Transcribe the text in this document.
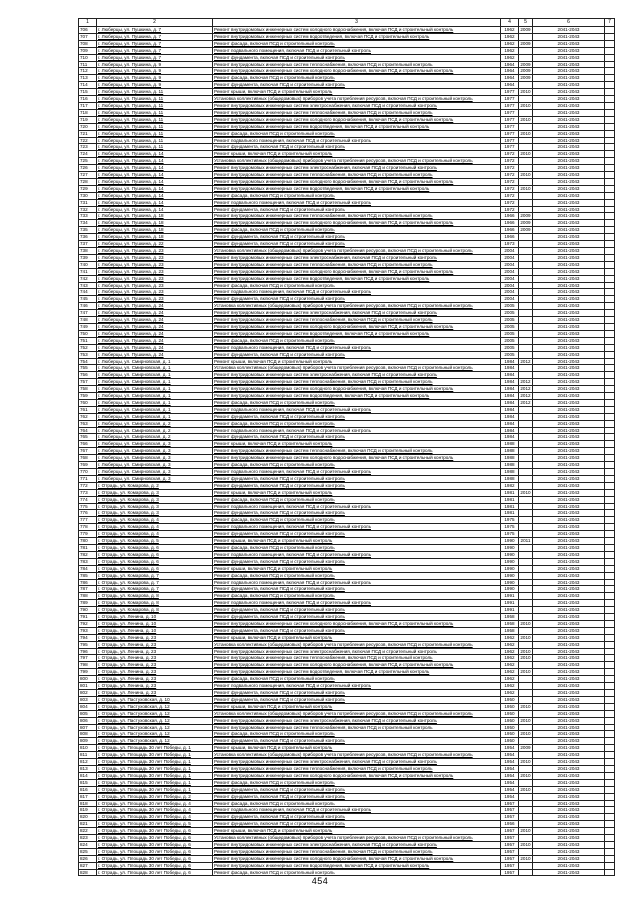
1	2	3	4	5	6	7
706	г. Люберцы, ул. Пушкина, д. 7	Ремонт внутридомовых инженерных систем холодного водоснабжения, включая ПСД и строительный контроль	1962	2009	2041-2043	
707	г. Люберцы, ул. Пушкина, д. 7	Ремонт внутридомовых инженерных систем водоотведения, включая ПСД и строительный контроль	1962		2041-2043	
708	г. Люберцы, ул. Пушкина, д. 7	Ремонт фасада, включая ПСД и строительный контроль	1962	2009	2041-2043	
709	г. Люберцы, ул. Пушкина, д. 7	Ремонт подвального помещения, включая ПСД и строительный контроль	1962		2041-2043	
710	г. Люберцы, ул. Пушкина, д. 7	Ремонт фундамента, включая ПСД и строительный контроль	1962		2041-2043	
711	г. Люберцы, ул. Пушкина, д. 9	Ремонт внутридомовых инженерных систем теплоснабжения, включая ПСД и строительный контроль	1964	2009	2041-2043	
712	г. Люберцы, ул. Пушкина, д. 9	Ремонт внутридомовых инженерных систем холодного водоснабжения, включая ПСД и строительный контроль	1964	2009	2041-2043	
713	г. Люберцы, ул. Пушкина, д. 9	Ремонт фасада, включая ПСД и строительный контроль	1964	2009	2041-2043	
714	г. Люберцы, ул. Пушкина, д. 9	Ремонт фундамента, включая ПСД и строительный контроль	1964		2041-2043	
715	г. Люберцы, ул. Пушкина, д. 11	Ремонт крыши, включая ПСД и строительный контроль	1977	2010	2041-2043	
716	г. Люберцы, ул. Пушкина, д. 11	Установка коллективных (общедомовых) приборов учета потребления ресурсов, включая ПСД и строительный контроль	1977		2041-2043	
717	г. Люберцы, ул. Пушкина, д. 11	Ремонт внутридомовых инженерных систем электроснабжения, включая ПСД и строительный контроль	1977	2010	2041-2043	
718	г. Люберцы, ул. Пушкина, д. 11	Ремонт внутридомовых инженерных систем теплоснабжения, включая ПСД и строительный контроль	1977		2041-2043	
719	г. Люберцы, ул. Пушкина, д. 11	Ремонт внутридомовых инженерных систем холодного водоснабжения, включая ПСД и строительный контроль	1977	2010	2041-2043	
720	г. Люберцы, ул. Пушкина, д. 11	Ремонт внутридомовых инженерных систем водоотведения, включая ПСД и строительный контроль	1977		2041-2043	
721	г. Люберцы, ул. Пушкина, д. 11	Ремонт фасада, включая ПСД и строительный контроль	1977	2010	2041-2043	
722	г. Люберцы, ул. Пушкина, д. 11	Ремонт подвального помещения, включая ПСД и строительный контроль	1977		2041-2043	
723	г. Люберцы, ул. Пушкина, д. 11	Ремонт фундамента, включая ПСД и строительный контроль	1977		2041-2043	
724	г. Люберцы, ул. Пушкина, д. 14	Ремонт крыши, включая ПСД и строительный контроль	1972	2010	2041-2043	
725	г. Люберцы, ул. Пушкина, д. 14	Установка коллективных (общедомовых) приборов учета потребления ресурсов, включая ПСД и строительный контроль	1972		2041-2043	
726	г. Люберцы, ул. Пушкина, д. 14	Ремонт внутридомовых инженерных систем электроснабжения, включая ПСД и строительный контроль	1972		2041-2043	
727	г. Люберцы, ул. Пушкина, д. 14	Ремонт внутридомовых инженерных систем теплоснабжения, включая ПСД и строительный контроль	1972	2010	2041-2043	
728	г. Люберцы, ул. Пушкина, д. 14	Ремонт внутридомовых инженерных систем холодного водоснабжения, включая ПСД и строительный контроль	1972		2041-2043	
729	г. Люберцы, ул. Пушкина, д. 14	Ремонт внутридомовых инженерных систем водоотведения, включая ПСД и строительный контроль	1972	2010	2041-2043	
730	г. Люберцы, ул. Пушкина, д. 14	Ремонт фасада, включая ПСД и строительный контроль	1972		2041-2043	
731	г. Люберцы, ул. Пушкина, д. 14	Ремонт подвального помещения, включая ПСД и строительный контроль	1972		2041-2043	
732	г. Люберцы, ул. Пушкина, д. 14	Ремонт фундамента, включая ПСД и строительный контроль	1972		2041-2043	
733	г. Люберцы, ул. Пушкина, д. 18	Ремонт внутридомовых инженерных систем теплоснабжения, включая ПСД и строительный контроль	1966	2009	2041-2043	
734	г. Люберцы, ул. Пушкина, д. 18	Ремонт внутридомовых инженерных систем холодного водоснабжения, включая ПСД и строительный контроль	1966	2009	2041-2043	
735	г. Люберцы, ул. Пушкина, д. 18	Ремонт фасада, включая ПСД и строительный контроль	1966	2009	2041-2043	
736	г. Люберцы, ул. Пушкина, д. 18	Ремонт фундамента, включая ПСД и строительный контроль	1966		2041-2043	
737	г. Люберцы, ул. Пушкина, д. 22	Ремонт фундамента, включая ПСД и строительный контроль	1973		2041-2043	
738	г. Люберцы, ул. Пушкина, д. 23	Установка коллективных (общедомовых) приборов учета потребления ресурсов, включая ПСД и строительный контроль	2004		2041-2043	
739	г. Люберцы, ул. Пушкина, д. 23	Ремонт внутридомовых инженерных систем электроснабжения, включая ПСД и строительный контроль	2004		2041-2043	
740	г. Люберцы, ул. Пушкина, д. 23	Ремонт внутридомовых инженерных систем теплоснабжения, включая ПСД и строительный контроль	2004		2041-2043	
741	г. Люберцы, ул. Пушкина, д. 23	Ремонт внутридомовых инженерных систем холодного водоснабжения, включая ПСД и строительный контроль	2004		2041-2043	
742	г. Люберцы, ул. Пушкина, д. 23	Ремонт внутридомовых инженерных систем водоотведения, включая ПСД и строительный контроль	2004		2041-2043	
743	г. Люберцы, ул. Пушкина, д. 23	Ремонт фасада, включая ПСД и строительный контроль	2004		2041-2043	
744	г. Люберцы, ул. Пушкина, д. 23	Ремонт подвального помещения, включая ПСД и строительный контроль	2004		2041-2043	
745	г. Люберцы, ул. Пушкина, д. 23	Ремонт фундамента, включая ПСД и строительный контроль	2004		2041-2043	
746	г. Люберцы, ул. Пушкина, д. 24	Установка коллективных (общедомовых) приборов учета потребления ресурсов, включая ПСД и строительный контроль	2005		2041-2043	
747	г. Люберцы, ул. Пушкина, д. 24	Ремонт внутридомовых инженерных систем электроснабжения, включая ПСД и строительный контроль	2005		2041-2043	
748	г. Люберцы, ул. Пушкина, д. 24	Ремонт внутридомовых инженерных систем теплоснабжения, включая ПСД и строительный контроль	2005		2041-2043	
749	г. Люберцы, ул. Пушкина, д. 24	Ремонт внутридомовых инженерных систем холодного водоснабжения, включая ПСД и строительный контроль	2005		2041-2043	
750	г. Люберцы, ул. Пушкина, д. 24	Ремонт внутридомовых инженерных систем водоотведения, включая ПСД и строительный контроль	2005		2041-2043	
751	г. Люберцы, ул. Пушкина, д. 24	Ремонт фасада, включая ПСД и строительный контроль	2005		2041-2043	
752	г. Люберцы, ул. Пушкина, д. 24	Ремонт подвального помещения, включая ПСД и строительный контроль	2005		2041-2043	
753	г. Люберцы, ул. Пушкина, д. 24	Ремонт фундамента, включая ПСД и строительный контроль	2005		2041-2043	
754	г. Люберцы, ул. Смирновская, д. 1	Ремонт крыши, включая ПСД и строительный контроль	1984	2012	2041-2043	
755	г. Люберцы, ул. Смирновская, д. 1	Установка коллективных (общедомовых) приборов учета потребления ресурсов, включая ПСД и строительный контроль	1984		2041-2043	
756	г. Люберцы, ул. Смирновская, д. 1	Ремонт внутридомовых инженерных систем электроснабжения, включая ПСД и строительный контроль	1984		2041-2043	
757	г. Люберцы, ул. Смирновская, д. 1	Ремонт внутридомовых инженерных систем теплоснабжения, включая ПСД и строительный контроль	1984	2012	2041-2043	
758	г. Люберцы, ул. Смирновская, д. 1	Ремонт внутридомовых инженерных систем холодного водоснабжения, включая ПСД и строительный контроль	1984	2012	2041-2043	
759	г. Люберцы, ул. Смирновская, д. 1	Ремонт внутридомовых инженерных систем водоотведения, включая ПСД и строительный контроль	1984	2012	2041-2043	
760	г. Люберцы, ул. Смирновская, д. 1	Ремонт фасада, включая ПСД и строительный контроль	1984	2012	2041-2043	
761	г. Люберцы, ул. Смирновская, д. 1	Ремонт подвального помещения, включая ПСД и строительный контроль	1984		2041-2043	
762	г. Люберцы, ул. Смирновская, д. 1	Ремонт фундамента, включая ПСД и строительный контроль	1984		2041-2043	
763	г. Люберцы, ул. Смирновская, д. 2	Ремонт фасада, включая ПСД и строительный контроль	1984		2041-2043	
764	г. Люберцы, ул. Смирновская, д. 2	Ремонт подвального помещения, включая ПСД и строительный контроль	1984		2041-2043	
765	г. Люберцы, ул. Смирновская, д. 2	Ремонт фундамента, включая ПСД и строительный контроль	1984		2041-2043	
766	г. Люберцы, ул. Смирновская, д. 3	Ремонт крыши, включая ПСД и строительный контроль	1988		2041-2043	
767	г. Люберцы, ул. Смирновская, д. 3	Ремонт внутридомовых инженерных систем теплоснабжения, включая ПСД и строительный контроль	1988		2041-2043	
768	г. Люберцы, ул. Смирновская, д. 3	Ремонт внутридомовых инженерных систем холодного водоснабжения, включая ПСД и строительный контроль	1988		2041-2043	
769	г. Люберцы, ул. Смирновская, д. 3	Ремонт фасада, включая ПСД и строительный контроль	1988		2041-2043	
770	г. Люберцы, ул. Смирновская, д. 3	Ремонт подвального помещения, включая ПСД и строительный контроль	1988		2041-2043	
771	г. Люберцы, ул. Смирновская, д. 3	Ремонт фундамента, включая ПСД и строительный контроль	1988		2041-2043	
772	г. Отрадь, ул. Комарова, д. 2	Ремонт фундамента, включая ПСД и строительный контроль	1982		2041-2043	
773	г. Отрадь, ул. Комарова, д. 3	Ремонт крыши, включая ПСД и строительный контроль	1981	2010	2041-2043	
774	г. Отрадь, ул. Комарова, д. 3	Ремонт фасада, включая ПСД и строительный контроль	1981		2041-2043	
775	г. Отрадь, ул. Комарова, д. 3	Ремонт подвального помещения, включая ПСД и строительный контроль	1981		2041-2043	
776	г. Отрадь, ул. Комарова, д. 3	Ремонт фундамента, включая ПСД и строительный контроль	1981		2041-2043	
777	г. Отрадь, ул. Комарова, д. 4	Ремонт фасада, включая ПСД и строительный контроль	1975		2041-2043	
778	г. Отрадь, ул. Комарова, д. 4	Ремонт подвального помещения, включая ПСД и строительный контроль	1975		2041-2043	
779	г. Отрадь, ул. Комарова, д. 4	Ремонт фундамента, включая ПСД и строительный контроль	1975		2041-2043	
780	г. Отрадь, ул. Комарова, д. 5	Ремонт крыши, включая ПСД и строительный контроль	1990	2011	2041-2043	
781	г. Отрадь, ул. Комарова, д. 6	Ремонт фасада, включая ПСД и строительный контроль	1990		2041-2043	
782	г. Отрадь, ул. Комарова, д. 6	Ремонт подвального помещения, включая ПСД и строительный контроль	1990		2041-2043	
783	г. Отрадь, ул. Комарова, д. 6	Ремонт фундамента, включая ПСД и строительный контроль	1990		2041-2043	
784	г. Отрадь, ул. Комарова, д. 6	Ремонт крыши, включая ПСД и строительный контроль	1990		2041-2043	
785	г. Отрадь, ул. Комарова, д. 7	Ремонт фасада, включая ПСД и строительный контроль	1990		2041-2043	
786	г. Отрадь, ул. Комарова, д. 7	Ремонт подвального помещения, включая ПСД и строительный контроль	1990		2041-2043	
787	г. Отрадь, ул. Комарова, д. 7	Ремонт фундамента, включая ПСД и строительный контроль	1990		2041-2043	
788	г. Отрадь, ул. Комарова, д. 8	Ремонт фасада, включая ПСД и строительный контроль	1991		2041-2043	
789	г. Отрадь, ул. Комарова, д. 8	Ремонт подвального помещения, включая ПСД и строительный контроль	1991		2041-2043	
790	г. Отрадь, ул. Комарова, д. 8	Ремонт фундамента, включая ПСД и строительный контроль	1991		2041-2043	
791	г. Отрадь, ул. Ленина, д. 10	Ремонт фундамента, включая ПСД и строительный контроль	1958		2041-2043	
792	г. Отрадь, ул. Ленина, д. 10	Ремонт внутридомовых инженерных систем холодного водоснабжения, включая ПСД и строительный контроль	1958	2010	2041-2043	
793	г. Отрадь, ул. Ленина, д. 10	Ремонт фундамента, включая ПСД и строительный контроль	1958		2041-2043	
794	г. Отрадь, ул. Ленина, д. 23	Ремонт крыши, включая ПСД и строительный контроль	1962	2010	2041-2043	
795	г. Отрадь, ул. Ленина, д. 23	Установка коллективных (общедомовых) приборов учета потребления ресурсов, включая ПСД и строительный контроль	1962		2041-2043	
796	г. Отрадь, ул. Ленина, д. 23	Ремонт внутридомовых инженерных систем электроснабжения, включая ПСД и строительный контроль	1962	2010	2041-2043	
797	г. Отрадь, ул. Ленина, д. 23	Ремонт внутридомовых инженерных систем теплоснабжения, включая ПСД и строительный контроль	1962	2010	2041-2043	
798	г. Отрадь, ул. Ленина, д. 23	Ремонт внутридомовых инженерных систем холодного водоснабжения, включая ПСД и строительный контроль	1962		2041-2043	
799	г. Отрадь, ул. Ленина, д. 23	Ремонт внутридомовых инженерных систем водоотведения, включая ПСД и строительный контроль	1962	2010	2041-2043	
800	г. Отрадь, ул. Ленина, д. 23	Ремонт фасада, включая ПСД и строительный контроль	1962		2041-2043	
801	г. Отрадь, ул. Ленина, д. 23	Ремонт подвального помещения, включая ПСД и строительный контроль	1962		2041-2043	
802	г. Отрадь, ул. Ленина, д. 23	Ремонт фундамента, включая ПСД и строительный контроль	1962		2041-2043	
803	г. Отрадь, ул. Пастуховская, д. 10	Ремонт фундамента, включая ПСД и строительный контроль	1950		2041-2043	
804	г. Отрадь, ул. Пастуховская, д. 12	Ремонт крыши, включая ПСД и строительный контроль	1950	2010	2041-2043	
805	г. Отрадь, ул. Пастуховская, д. 12	Установка коллективных (общедомовых) приборов учета потребления ресурсов, включая ПСД и строительный контроль	1950		2041-2043	
806	г. Отрадь, ул. Пастуховская, д. 12	Ремонт внутридомовых инженерных систем электроснабжения, включая ПСД и строительный контроль	1950	2010	2041-2043	
807	г. Отрадь, ул. Пастуховская, д. 12	Ремонт внутридомовых инженерных систем теплоснабжения, включая ПСД и строительный контроль	1950		2041-2043	
808	г. Отрадь, ул. Пастуховская, д. 12	Ремонт фасада, включая ПСД и строительный контроль	1950	2010	2041-2043	
809	г. Отрадь, ул. Пастуховская, д. 12	Ремонт фундамента, включая ПСД и строительный контроль	1950		2041-2043	
810	г. Отрадь, ул. Площадь 30 лет Победы, д. 1	Ремонт крыши, включая ПСД и строительный контроль	1954	2009	2041-2043	
811	г. Отрадь, ул. Площадь 30 лет Победы, д. 1	Установка коллективных (общедомовых) приборов учета потребления ресурсов, включая ПСД и строительный контроль	1954		2041-2043	
812	г. Отрадь, ул. Площадь 30 лет Победы, д. 1	Ремонт внутридомовых инженерных систем электроснабжения, включая ПСД и строительный контроль	1954	2010	2041-2043	
813	г. Отрадь, ул. Площадь 30 лет Победы, д. 1	Ремонт внутридомовых инженерных систем теплоснабжения, включая ПСД и строительный контроль	1954		2041-2043	
814	г. Отрадь, ул. Площадь 30 лет Победы, д. 1	Ремонт внутридомовых инженерных систем холодного водоснабжения, включая ПСД и строительный контроль	1954	2010	2041-2043	
815	г. Отрадь, ул. Площадь 30 лет Победы, д. 1	Ремонт фасада, включая ПСД и строительный контроль	1954		2041-2043	
816	г. Отрадь, ул. Площадь 30 лет Победы, д. 1	Ремонт фундамента, включая ПСД и строительный контроль	1954	2010	2041-2043	
817	г. Отрадь, ул. Площадь 30 лет Победы, д. 2	Ремонт фундамента, включая ПСД и строительный контроль	1954		2041-2043	
818	г. Отрадь, ул. Площадь 30 лет Победы, д. 4	Ремонт фасада, включая ПСД и строительный контроль	1957		2041-2043	
819	г. Отрадь, ул. Площадь 30 лет Победы, д. 4	Ремонт подвального помещения, включая ПСД и строительный контроль	1957		2041-2043	
820	г. Отрадь, ул. Площадь 30 лет Победы, д. 4	Ремонт фундамента, включая ПСД и строительный контроль	1957		2041-2043	
821	г. Отрадь, ул. Площадь 30 лет Победы, д. 5	Ремонт фундамента, включая ПСД и строительный контроль	1956		2041-2043	
822	г. Отрадь, ул. Площадь 30 лет Победы, д. 6	Ремонт крыши, включая ПСД и строительный контроль	1957	2010	2041-2043	
823	г. Отрадь, ул. Площадь 30 лет Победы, д. 6	Установка коллективных (общедомовых) приборов учета потребления ресурсов, включая ПСД и строительный контроль	1957		2041-2043	
824	г. Отрадь, ул. Площадь 30 лет Победы, д. 6	Ремонт внутридомовых инженерных систем электроснабжения, включая ПСД и строительный контроль	1957	2010	2041-2043	
825	г. Отрадь, ул. Площадь 30 лет Победы, д. 6	Ремонт внутридомовых инженерных систем теплоснабжения, включая ПСД и строительный контроль	1957		2041-2043	
826	г. Отрадь, ул. Площадь 30 лет Победы, д. 6	Ремонт внутридомовых инженерных систем холодного водоснабжения, включая ПСД и строительный контроль	1957	2010	2041-2043	
827	г. Отрадь, ул. Площадь 30 лет Победы, д. 6	Ремонт внутридомовых инженерных систем водоотведения, включая ПСД и строительный контроль	1957		2041-2043	
828	г. Отрадь, ул. Площадь 30 лет Победы, д. 6	Ремонт фасада, включая ПСД и строительный контроль	1957		2041-2043	
454
